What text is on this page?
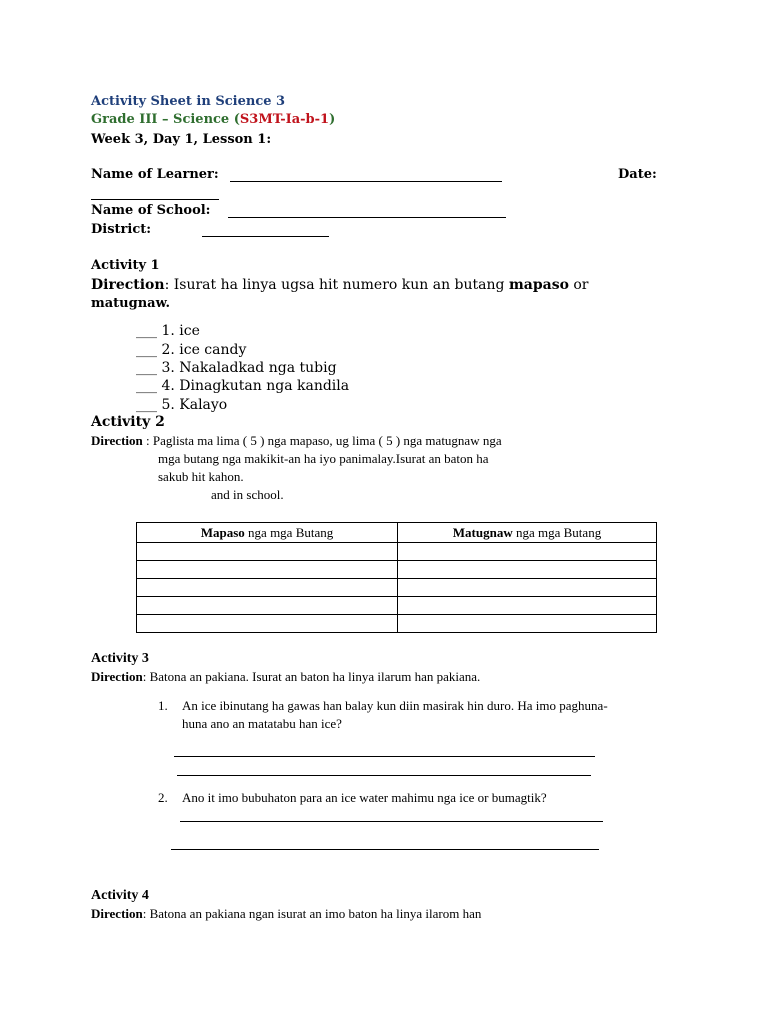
Activity Sheet in Science 3
Grade III – Science (S3MT-Ia-b-1)
Week 3, Day 1, Lesson 1:
Name of Learner:	Date:
Name of School:
District:
Activity 1
Direction: Isurat ha linya ugsa hit numero kun an butang mapaso or
matugnaw.
___ 1. ice
___ 2. ice candy
___ 3. Nakaladkad nga tubig
___ 4. Dinagkutan nga kandila
___ 5. Kalayo
Activity 2
Direction : Paglista ma lima ( 5 ) nga mapaso, ug lima ( 5 ) nga matugnaw nga
mga butang nga makikit-an ha iyo panimalay.Isurat an baton ha
sakub hit kahon.
and in school.
Mapaso nga mga Butang	Matugnaw nga mga Butang

Activity 3
Direction: Batona an pakiana. Isurat an baton ha linya ilarum han pakiana.
1. An ice ibinutang ha gawas han balay kun diin masirak hin duro. Ha imo paghuna-
huna ano an matatabu han ice?
2. Ano it imo bubuhaton para an ice water mahimu nga ice or bumagtik?
Activity 4
Direction: Batona an pakiana ngan isurat an imo baton ha linya ilarom han
